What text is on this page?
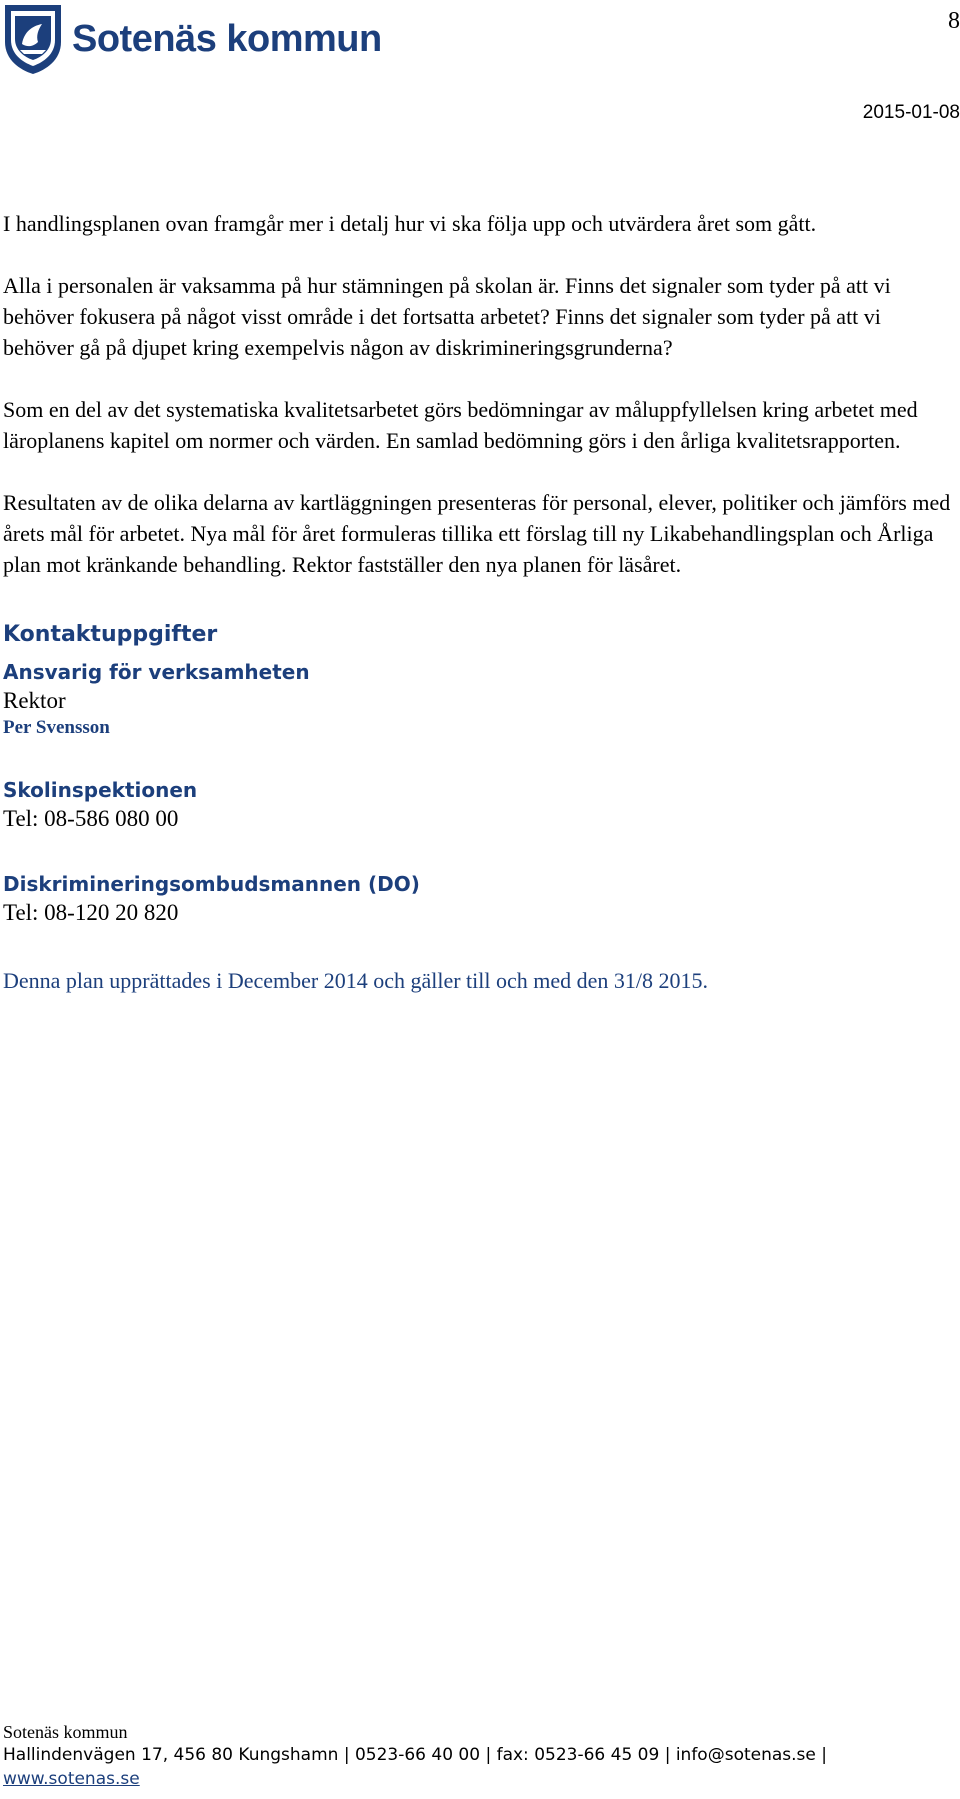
Sotenäs kommun	8
2015-01-08

I handlingsplanen ovan framgår mer i detalj hur vi ska följa upp och utvärdera året som gått.

Alla i personalen är vaksamma på hur stämningen på skolan är. Finns det signaler som tyder på att vi behöver fokusera på något visst område i det fortsatta arbetet? Finns det signaler som tyder på att vi behöver gå på djupet kring exempelvis någon av diskrimineringsgrunderna?

Som en del av det systematiska kvalitetsarbetet görs bedömningar av måluppfyllelsen kring arbetet med läroplanens kapitel om normer och värden. En samlad bedömning görs i den årliga kvalitetsrapporten.

Resultaten av de olika delarna av kartläggningen presenteras för personal, elever, politiker och jämförs med årets mål för arbetet. Nya mål för året formuleras tillika ett förslag till ny Likabehandlingsplan och Årliga plan mot kränkande behandling. Rektor fastställer den nya planen för läsåret.

Kontaktuppgifter
Ansvarig för verksamheten
Rektor
Per Svensson
Skolinspektionen
Tel: 08-586 080 00
Diskrimineringsombudsmannen (DO)
Tel: 08-120 20 820
Denna plan upprättades i December 2014 och gäller till och med den 31/8 2015.
Sotenäs kommun
Hallindenvägen 17, 456 80 Kungshamn | 0523-66 40 00 | fax: 0523-66 45 09 | info@sotenas.se |
www.sotenas.se
